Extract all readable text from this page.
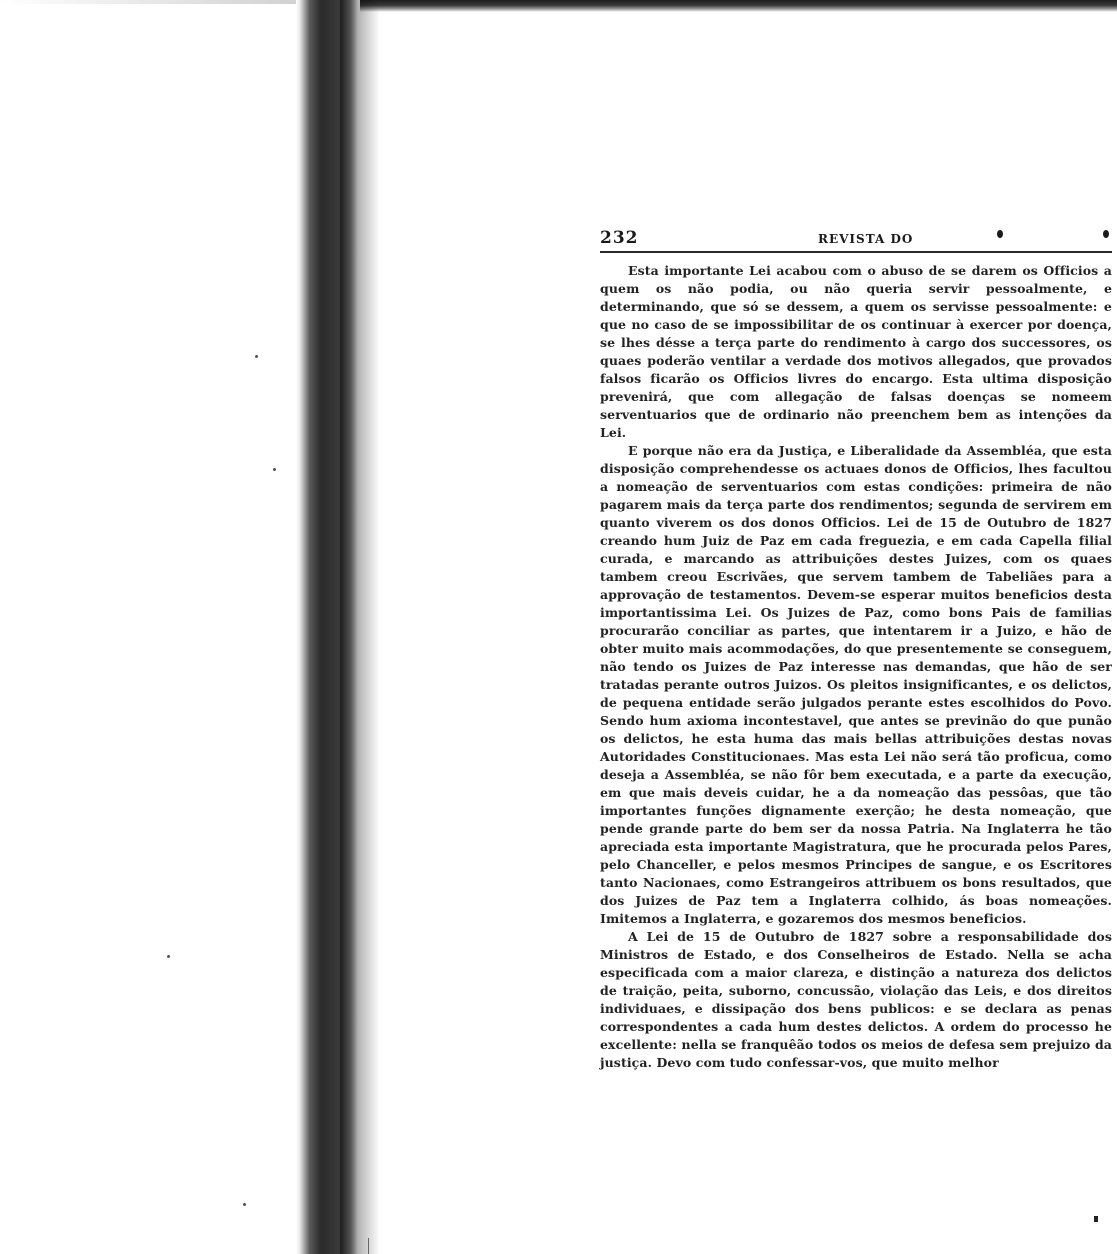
232	REVISTA DO

Esta importante Lei acabou com o abuso de se darem os Officios a quem os não podia, ou não queria servir pessoalmente, e determinando, que só se dessem, a quem os servisse pessoalmente: e que no caso de se impossibilitar de os continuar à exercer por doença, se lhes désse a terça parte do rendimento à cargo dos successores, os quaes poderão ventilar a verdade dos motivos allegados, que provados falsos ficarão os Officios livres do encargo. Esta ultima disposição prevenirá, que com allegação de falsas doenças se nomeem serventuarios que de ordinario não preenchem bem as intenções da Lei.

E porque não era da Justiça, e Liberalidade da Assembléa, que esta disposição comprehendesse os actuaes donos de Officios, lhes facultou a nomeação de serventuarios com estas condições: primeira de não pagarem mais da terça parte dos rendimentos; segunda de servirem em quanto viverem os dos donos Officios. Lei de 15 de Outubro de 1827 creando hum Juiz de Paz em cada freguezia, e em cada Capella filial curada, e marcando as attribuições destes Juizes, com os quaes tambem creou Escrivães, que servem tambem de Tabeliães para a approvação de testamentos. Devem-se esperar muitos beneficios desta importantissima Lei. Os Juizes de Paz, como bons Pais de familias procurarão conciliar as partes, que intentarem ir a Juizo, e hão de obter muito mais acommodações, do que presentemente se conseguem, não tendo os Juizes de Paz interesse nas demandas, que hão de ser tratadas perante outros Juizos. Os pleitos insignificantes, e os delictos, de pequena entidade serão julgados perante estes escolhidos do Povo. Sendo hum axioma incontestavel, que antes se previnão do que punão os delictos, he esta huma das mais bellas attribuições destas novas Autoridades Constitucionaes. Mas esta Lei não será tão proficua, como deseja a Assembléa, se não fôr bem executada, e a parte da execução, em que mais deveis cuidar, he a da nomeação das pessôas, que tão importantes funções dignamente exerção; he desta nomeação, que pende grande parte do bem ser da nossa Patria. Na Inglaterra he tão apreciada esta importante Magistratura, que he procurada pelos Pares, pelo Chanceller, e pelos mesmos Principes de sangue, e os Escritores tanto Nacionaes, como Estrangeiros attribuem os bons resultados, que dos Juizes de Paz tem a Inglaterra colhido, ás boas nomeações. Imitemos a Inglaterra, e gozaremos dos mesmos beneficios.

A Lei de 15 de Outubro de 1827 sobre a responsabilidade dos Ministros de Estado, e dos Conselheiros de Estado. Nella se acha especificada com a maior clareza, e distinção a natureza dos delictos de traição, peita, suborno, concussão, violação das Leis, e dos direitos individuaes, e dissipação dos bens publicos: e se declara as penas correspondentes a cada hum destes delictos. A ordem do processo he excellente: nella se franquêão todos os meios de defesa sem prejuizo da justiça. Devo com tudo confessar-vos, que muito melhor
